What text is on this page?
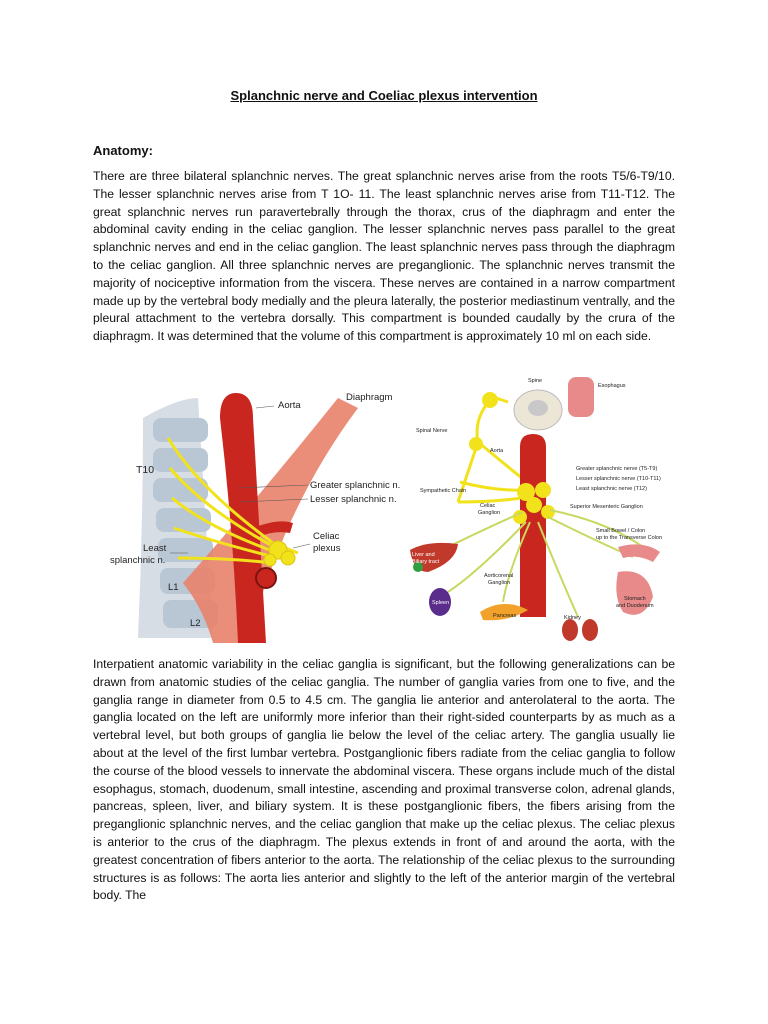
Splanchnic nerve and Coeliac plexus intervention
Anatomy:

There are three bilateral splanchnic nerves. The great splanchnic nerves arise from the roots T5/6-T9/10. The lesser splanchnic nerves arise from T 1O- 11. The least splanchnic nerves arise from T11-T12. The great splanchnic nerves run paravertebrally through the thorax, crus of the diaphragm and enter the abdominal cavity ending in the celiac ganglion. The lesser splanchnic nerves pass parallel to the great splanchnic nerves and end in the celiac ganglion. The least splanchnic nerves pass through the diaphragm to the celiac ganglion. All three splanchnic nerves are preganglionic. The splanchnic nerves transmit the majority of nociceptive information from the viscera. These nerves are contained in a narrow compartment made up by the vertebral body medially and the pleura laterally, the posterior mediastinum ventrally, and the pleural attachment to the vertebra dorsally. This compartment is bounded caudally by the crura of the diaphragm. It was determined that the volume of this compartment is approximately 10 ml on each side.

Aorta
Diaphragm
T10
Greater splanchnic n.
Lesser splanchnic n.
Celiac
plexus
Least
splanchnic n.
L1
L2
Spine
Esophagus
Spinal Nerve
Aorta
Greater splanchnic nerve (T5-T9)
Lesser splanchnic nerve (T10-T11)
Least splanchnic nerve (T12)
Sympathetic Chain
Celiac
Ganglion
Superior Mesenteric Ganglion
Liver and
Biliary tract
Small Bowel / Colon
up to the Transverse Colon
Aorticorenal
Ganglion
Spleen
Pancreas	Kidney
Stomach
and Duodenum

Interpatient anatomic variability in the celiac ganglia is significant, but the following generalizations can be drawn from anatomic studies of the celiac ganglia. The number of ganglia varies from one to five, and the ganglia range in diameter from 0.5 to 4.5 cm. The ganglia lie anterior and anterolateral to the aorta. The ganglia located on the left are uniformly more inferior than their right-sided counterparts by as much as a vertebral level, but both groups of ganglia lie below the level of the celiac artery. The ganglia usually lie about at the level of the first lumbar vertebra. Postganglionic fibers radiate from the celiac ganglia to follow the course of the blood vessels to innervate the abdominal viscera. These organs include much of the distal esophagus, stomach, duodenum, small intestine, ascending and proximal transverse colon, adrenal glands, pancreas, spleen, liver, and biliary system. It is these postganglionic fibers, the fibers arising from the preganglionic splanchnic nerves, and the celiac ganglion that make up the celiac plexus. The celiac plexus is anterior to the crus of the diaphragm. The plexus extends in front of and around the aorta, with the greatest concentration of fibers anterior to the aorta. The relationship of the celiac plexus to the surrounding structures is as follows: The aorta lies anterior and slightly to the left of the anterior margin of the vertebral body. The
